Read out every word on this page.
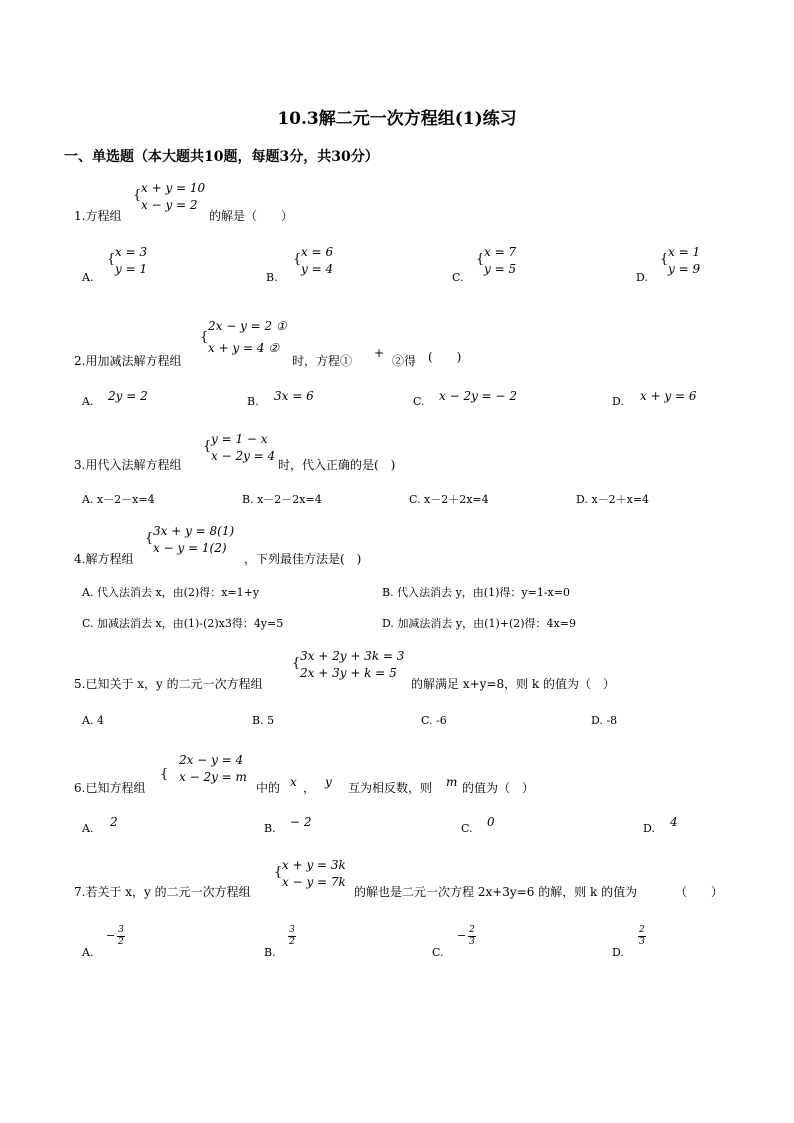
10.3解二元一次方程组(1)练习
一、单选题（本大题共10题，每题3分，共30分）
1.方程组
{ x + y = 10
x − y = 2
的解是（　　）
A.
{ x = 3
y = 1
B.
{ x = 6
y = 4
C.
{ x = 7
y = 5
D.
{ x = 1
y = 9
2.用加减法解方程组
{
2x − y = 2 ①
x + y = 4 ②
时，方程①
+
②得 (　　)
A. 2y = 2	B. 3x = 6	C. x − 2y = − 2	D. x + y = 6
3.用代入法解方程组
{ y = 1 − x
x − 2y = 4
时，代入正确的是(　)
A. x－2－x=4	B. x－2－2x=4	C. x－2＋2x=4	D. x－2＋x=4
4.解方程组
{ 3x + y = 8(1)
x − y = 1(2)
，下列最佳方法是(　)
A. 代入法消去 x，由(2)得：x=1+y	B. 代入法消去 y，由(1)得：y=1-x=0
C. 加减法消去 x，由(1)-(2)x3得：4y=5	D. 加减法消去 y，由(1)+(2)得：4x=9
5.已知关于 x，y 的二元一次方程组
{ 3x + 2y + 3k = 3
2x + 3y + k = 5
的解满足 x+y=8，则 k 的值为（　）
A. 4	B. 5	C. -6	D. -8
6.已知方程组
{
2x − y = 4
x − 2y = m
中的 x ， y 互为相反数，则 m 的值为（　）
A. 2	B. − 2	C. 0	D. 4
7.若关于 x，y 的二元一次方程组
{ x + y = 3k
x − y = 7k
的解也是二元一次方程 2x+3y=6 的解，则 k 的值为	（　　）
A.
− 3
2
B.
3
2
C.
− 2
3
D.
2
3
